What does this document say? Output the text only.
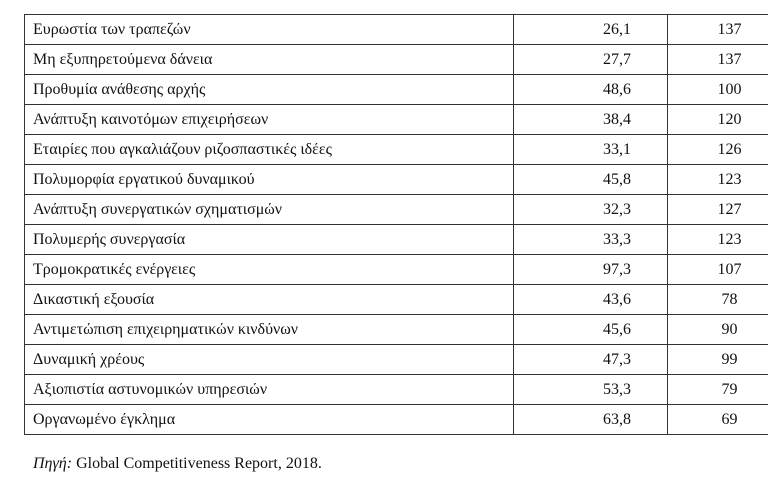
Ευρωστία των τραπεζών	26,1	137
Μη εξυπηρετούμενα δάνεια	27,7	137
Προθυμία ανάθεσης αρχής	48,6	100
Ανάπτυξη καινοτόμων επιχειρήσεων	38,4	120
Εταιρίες που αγκαλιάζουν ριζοσπαστικές ιδέες	33,1	126
Πολυμορφία εργατικού δυναμικού	45,8	123
Ανάπτυξη συνεργατικών σχηματισμών	32,3	127
Πολυμερής συνεργασία	33,3	123
Τρομοκρατικές ενέργειες	97,3	107
Δικαστική εξουσία	43,6	78
Αντιμετώπιση επιχειρηματικών κινδύνων	45,6	90
Δυναμική χρέους	47,3	99
Αξιοπιστία αστυνομικών υπηρεσιών	53,3	79
Οργανωμένο έγκλημα	63,8	69
Πηγή: Global Competitiveness Report, 2018.
